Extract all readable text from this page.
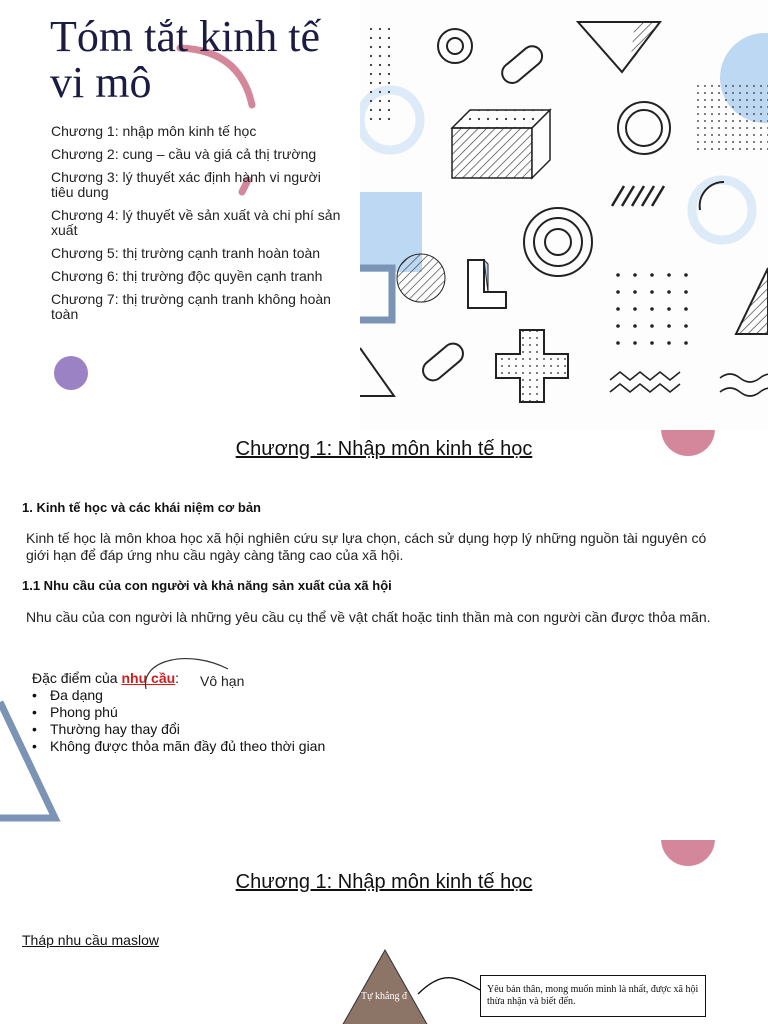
Tóm tắt kinh tế vi mô
Chương 1: nhập môn kinh tế học
Chương 2: cung – cầu và giá cả thị trường
Chương 3: lý thuyết xác định hành vi người tiêu dung
Chương 4: lý thuyết về sản xuất và chi phí sản xuất
Chương 5: thị trường cạnh tranh hoàn toàn
Chương 6: thị trường độc quyền cạnh tranh
Chương 7: thị trường cạnh tranh không hoàn toàn
Chương 1: Nhập môn kinh tế học
1. Kinh tế học và các khái niệm cơ bản

Kinh tế học là môn khoa học xã hội nghiên cứu sự lựa chọn, cách sử dụng hợp lý những nguồn tài nguyên có giới hạn để đáp ứng nhu cầu ngày càng tăng cao của xã hội.

1.1 Nhu cầu của con người và khả năng sản xuất của xã hội

Nhu cầu của con người là những yêu cầu cụ thể về vật chất hoặc tinh thần mà con người cần được thỏa mãn.

Đặc điểm của nhu cầu:
• Đa dạng
• Phong phú
• Thường hay thay đổi
• Không được thỏa mãn đầy đủ theo thời gian
Vô hạn
Chương 1: Nhập môn kinh tế học
Tháp nhu cầu maslow
Tự khẳng đ
Yêu bản thân, mong muốn mình là nhất, được xã hội thừa nhận và biết đến.
